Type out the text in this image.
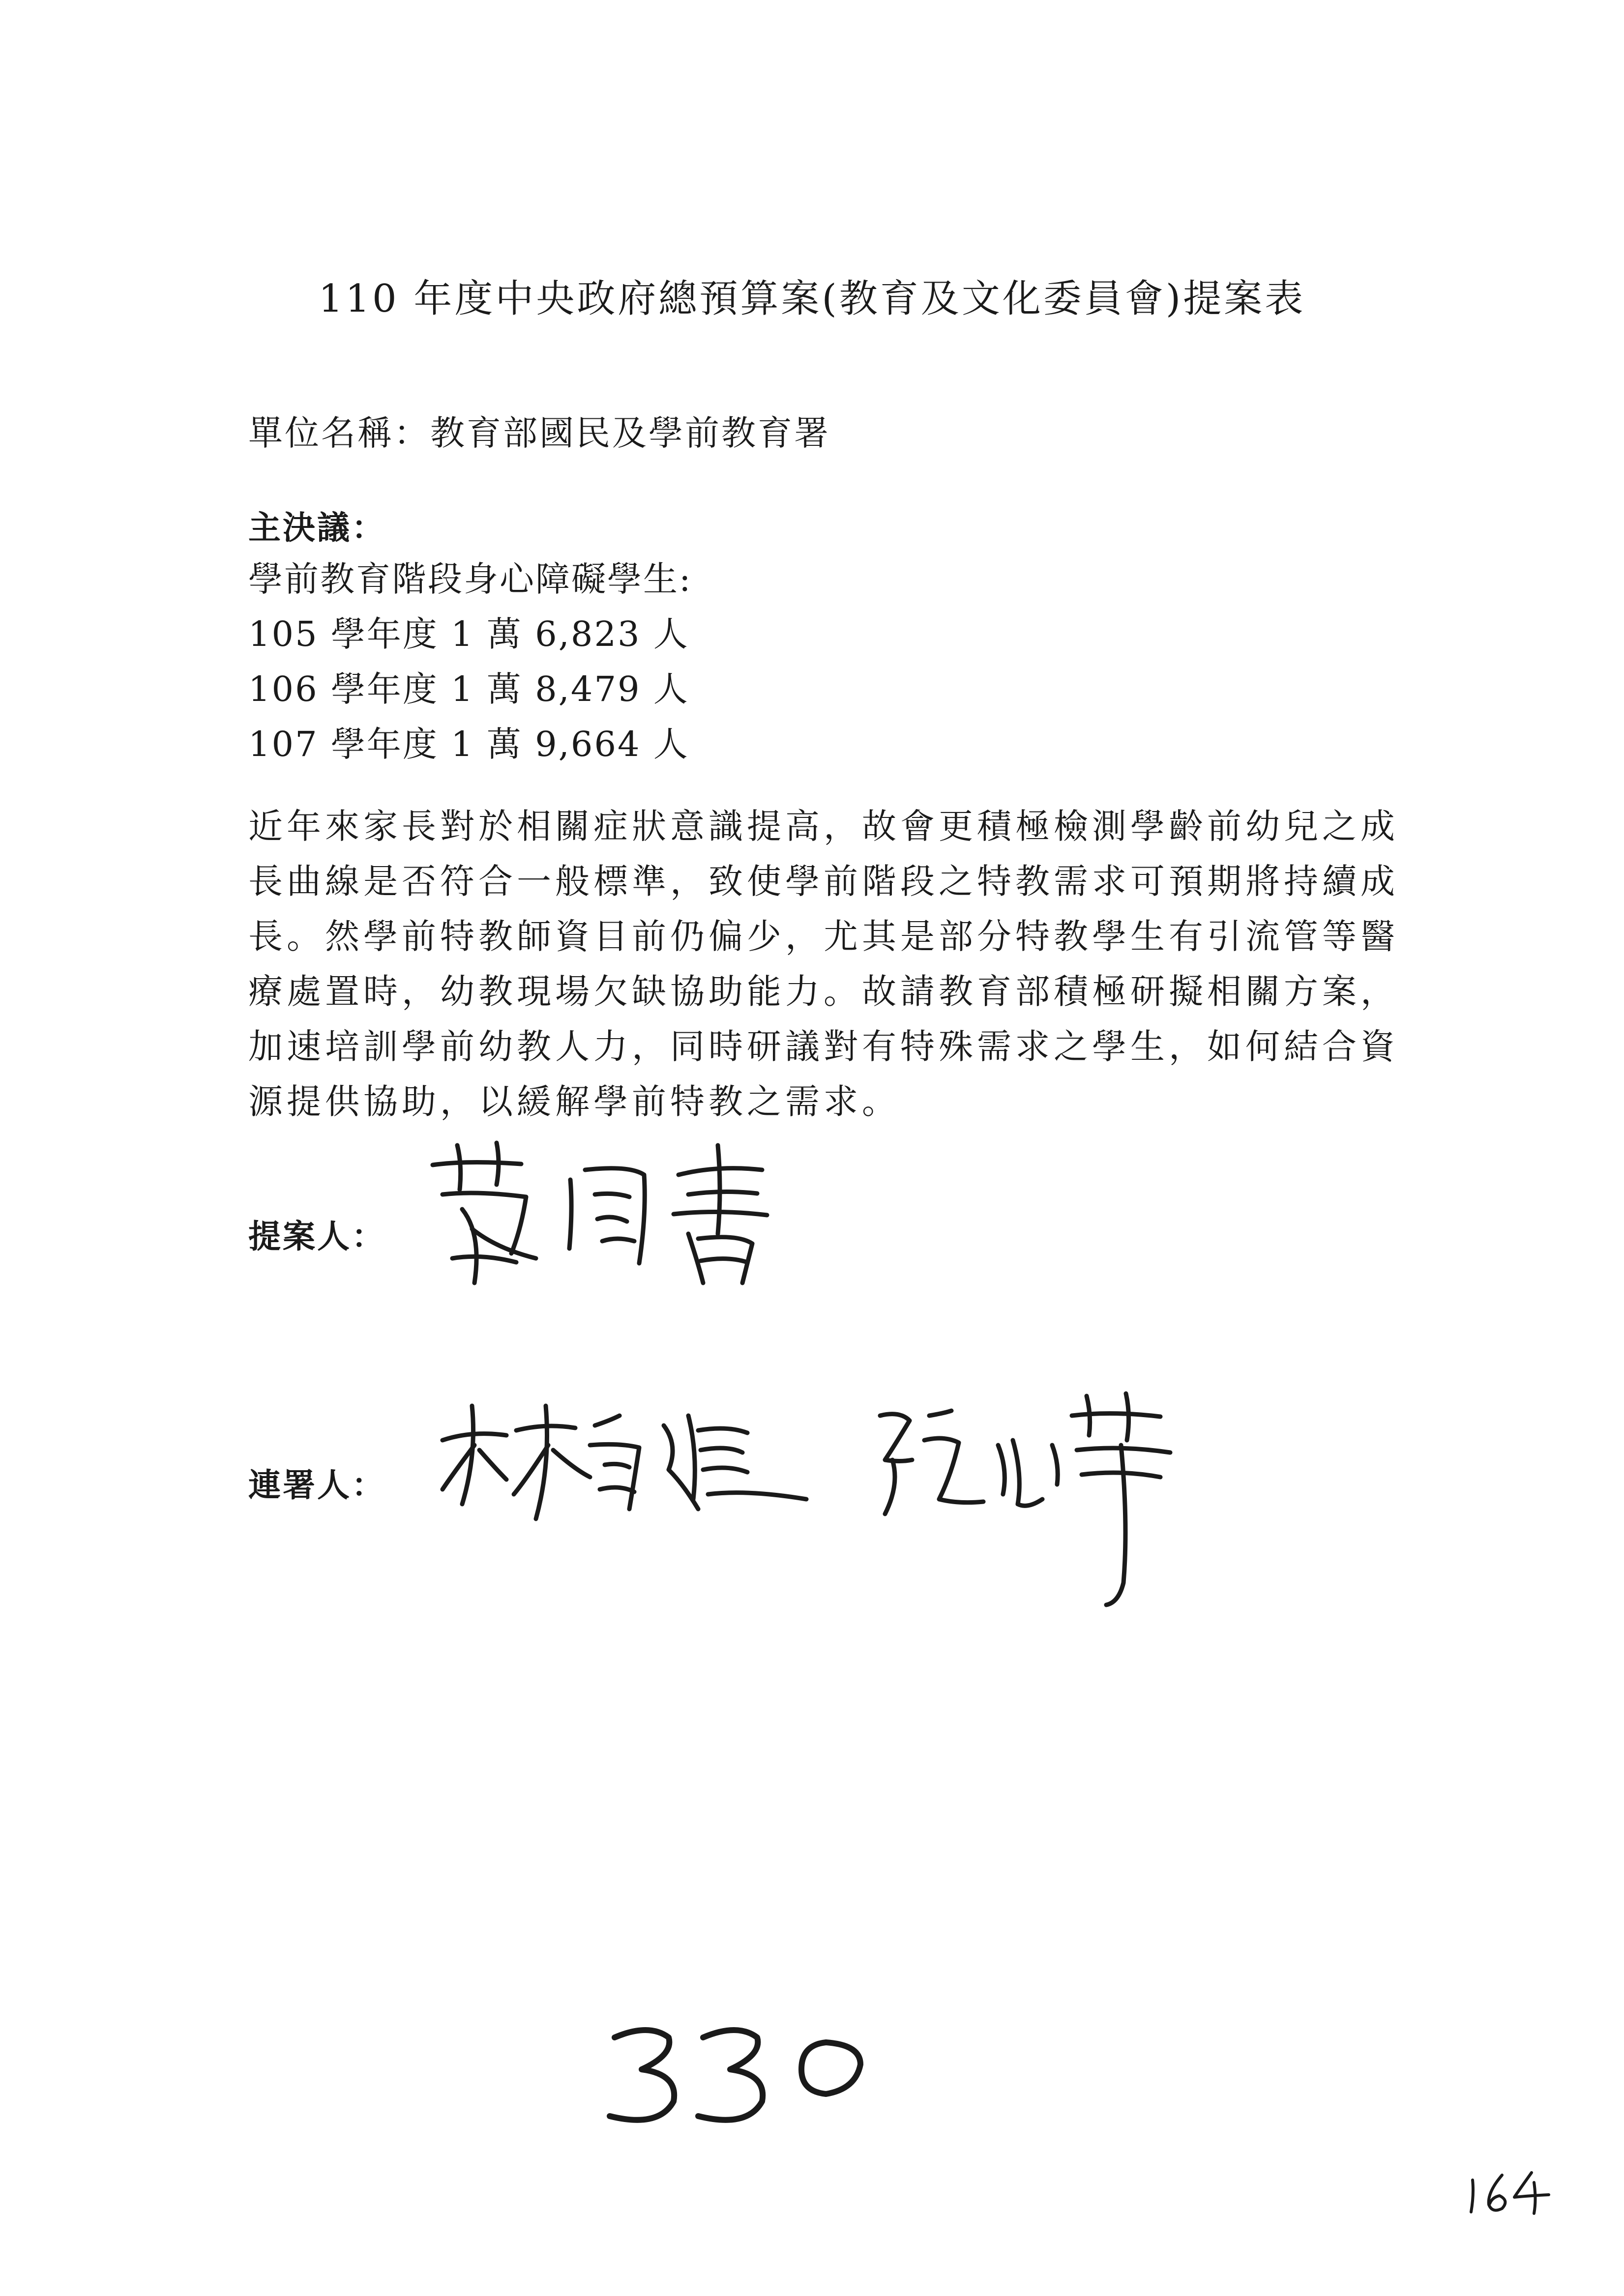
110 年度中央政府總預算案(教育及文化委員會)提案表
單位名稱：教育部國民及學前教育署
主決議：
學前教育階段身心障礙學生:
105 學年度 1 萬 6,823 人
106 學年度 1 萬 8,479 人
107 學年度 1 萬 9,664 人
近年來家長對於相關症狀意識提高，故會更積極檢測學齡前幼兒之成
長曲線是否符合一般標準，致使學前階段之特教需求可預期將持續成
長。然學前特教師資目前仍偏少，尤其是部分特教學生有引流管等醫
療處置時，幼教現場欠缺協助能力。故請教育部積極研擬相關方案，
加速培訓學前幼教人力，同時研議對有特殊需求之學生，如何結合資
源提供協助，以緩解學前特教之需求。
提案人：
連署人：
